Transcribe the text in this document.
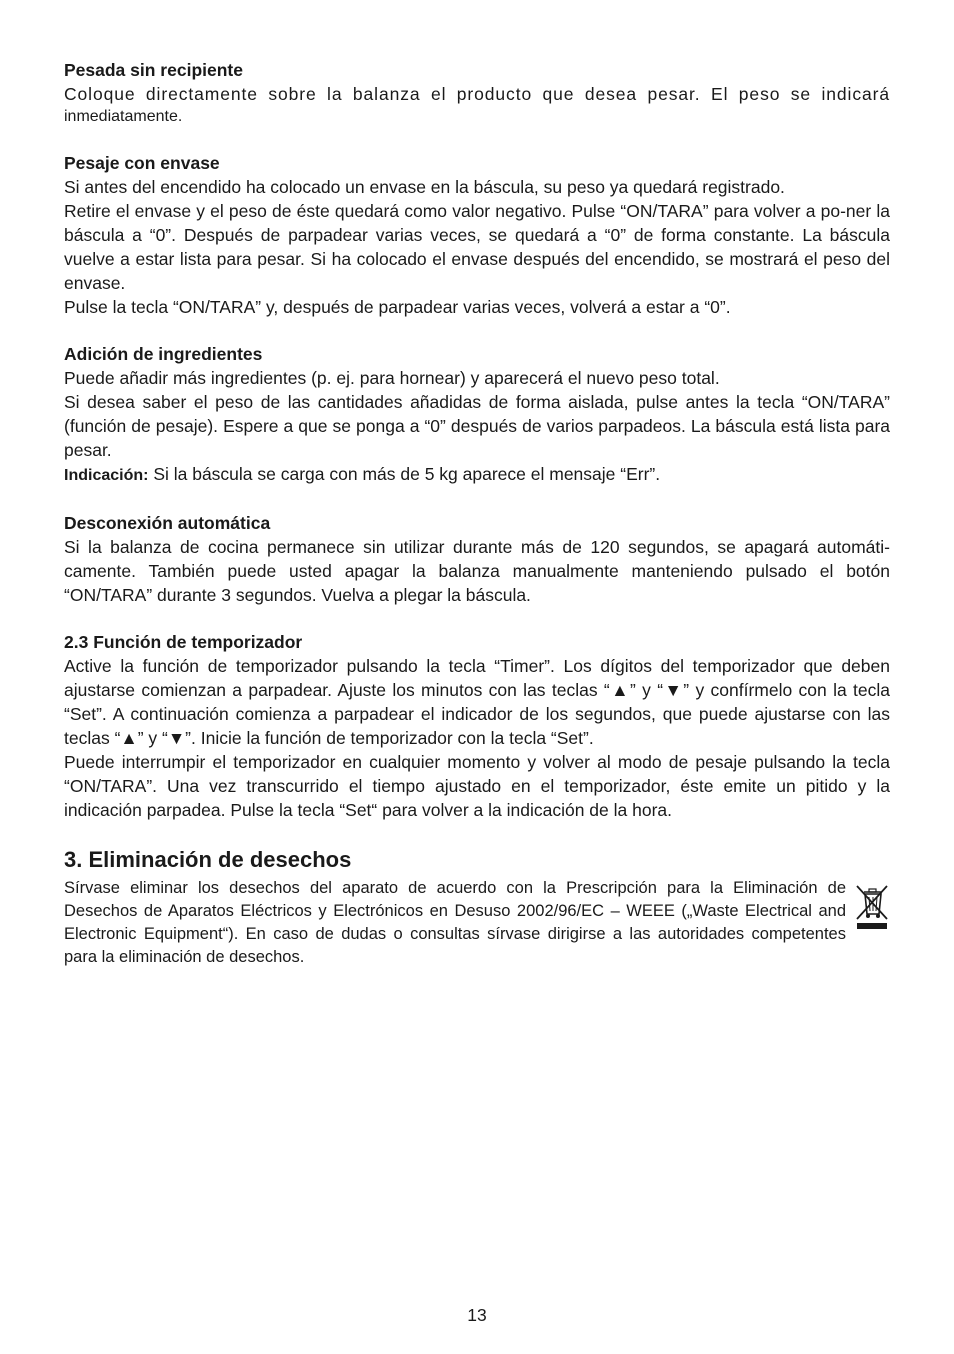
Pesada sin recipiente

Coloque directamente sobre la balanza el producto que desea pesar. El peso se indicará

inmediatamente.

Pesaje con envase

Si antes del encendido ha colocado un envase en la báscula, su peso ya quedará registrado.

Retire el envase y el peso de éste quedará como valor negativo. Pulse “ON/TARA” para volver a po-ner la báscula a “0”. Después de parpadear varias veces, se quedará a “0” de forma constante. La báscula vuelve a estar lista para pesar. Si ha colocado el envase después del encendido, se mostrará el peso del envase.

Pulse la tecla “ON/TARA” y, después de parpadear varias veces, volverá a estar a “0”.

Adición de ingredientes

Puede añadir más ingredientes (p. ej. para hornear) y aparecerá el nuevo peso total.

Si desea saber el peso de las cantidades añadidas de forma aislada, pulse antes la tecla “ON/TARA” (función de pesaje). Espere a que se ponga a “0” después de varios parpadeos. La báscula está lista para pesar.

Indicación: Si la báscula se carga con más de 5 kg aparece el mensaje “Err”.

Desconexión automática

Si la balanza de cocina permanece sin utilizar durante más de 120 segundos, se apagará automáti-camente. También puede usted apagar la balanza manualmente manteniendo pulsado el botón “ON/TARA” durante 3 segundos. Vuelva a plegar la báscula.

2.3 Función de temporizador

Active la función de temporizador pulsando la tecla “Timer”. Los dígitos del temporizador que deben ajustarse comienzan a parpadear. Ajuste los minutos con las teclas “▲” y “▼” y confírmelo con la tecla “Set”. A continuación comienza a parpadear el indicador de los segundos, que puede ajustarse con las teclas “▲” y “▼”. Inicie la función de temporizador con la tecla “Set”.

Puede interrumpir el temporizador en cualquier momento y volver al modo de pesaje pulsando la tecla “ON/TARA”. Una vez transcurrido el tiempo ajustado en el temporizador, éste emite un pitido y la indicación parpadea. Pulse la tecla “Set“ para volver a la indicación de la hora.

3. Eliminación de desechos

Sírvase eliminar los desechos del aparato de acuerdo con la Prescripción para la Eliminación de Desechos de Aparatos Eléctricos y Electrónicos en Desuso 2002/96/EC – WEEE („Waste Electrical and Electronic Equipment“). En caso de dudas o consultas sírvase dirigirse a las autoridades competentes para la eliminación de desechos.

13
